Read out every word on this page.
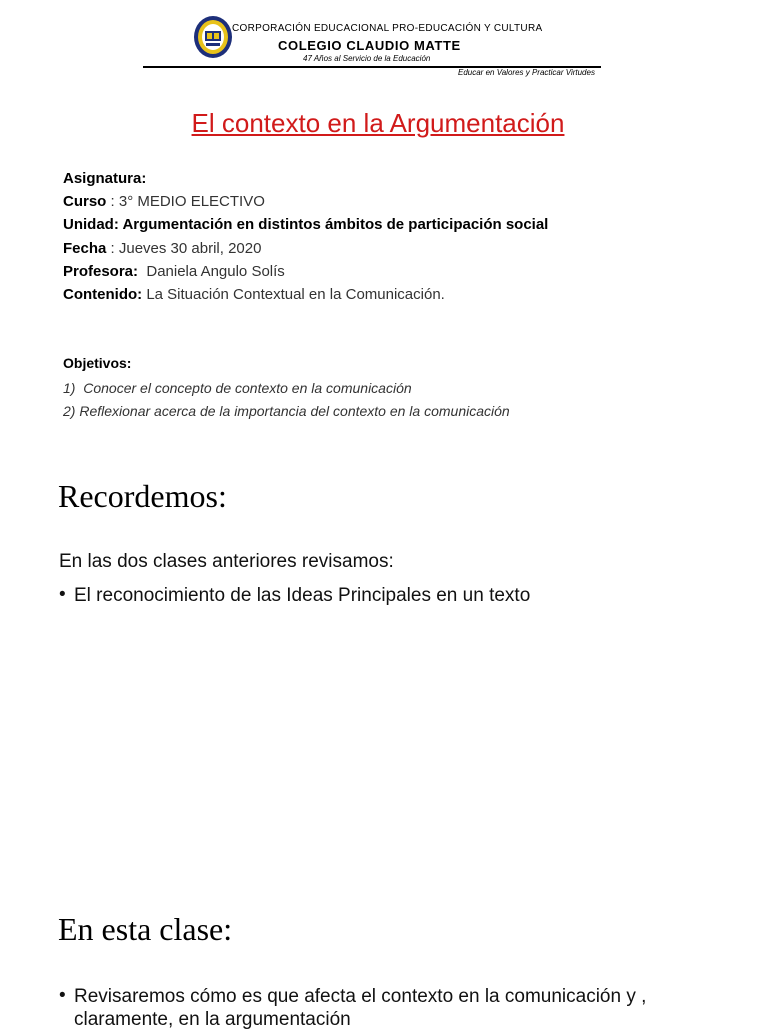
CORPORACIÓN EDUCACIONAL PRO-EDUCACIÓN Y CULTURA
COLEGIO CLAUDIO MATTE
47 Años al Servicio de la Educación
Educar en Valores y Practicar Virtudes
El contexto en la Argumentación
Asignatura:
Curso : 3° MEDIO ELECTIVO
Unidad: Argumentación en distintos ámbitos de participación social
Fecha : Jueves 30 abril, 2020
Profesora:  Daniela Angulo Solís
Contenido: La Situación Contextual en la Comunicación.
Objetivos:
1)  Conocer el concepto de contexto en la comunicación
2) Reflexionar acerca de la importancia del contexto en la comunicación
Recordemos:
En las dos clases anteriores revisamos:
• El reconocimiento de las Ideas Principales en un texto
En esta clase:
• Revisaremos cómo es que afecta el contexto en la comunicación y , claramente, en la argumentación
